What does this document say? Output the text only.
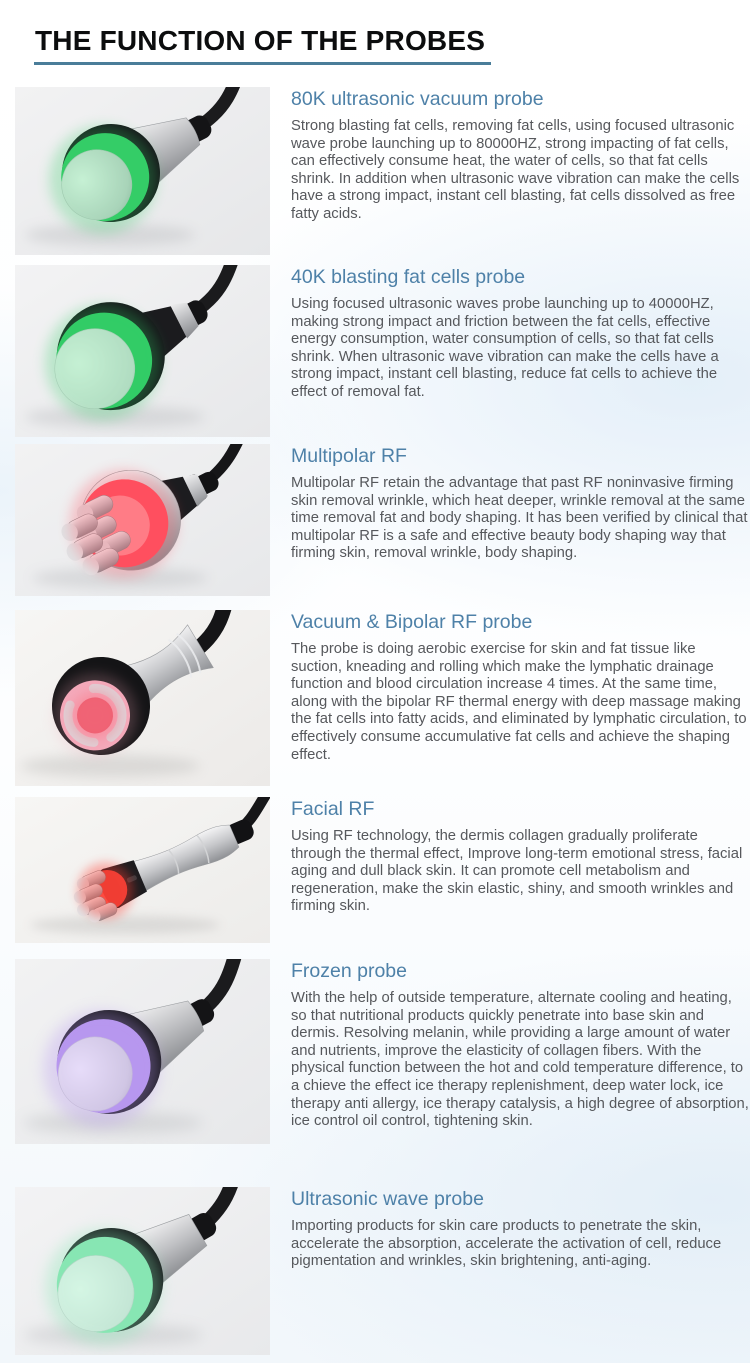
THE FUNCTION OF THE PROBES
80K ultrasonic vacuum probe

Strong blasting fat cells, removing fat cells, using focused ultrasonic wave probe launching up to 80000HZ, strong impacting of fat cells, can effectively consume heat, the water of cells, so that fat cells shrink. In addition when ultrasonic wave vibration can make the cells have a strong impact, instant cell blasting, fat cells dissolved as free fatty acids.

40K blasting fat cells probe

Using focused ultrasonic waves probe launching up to 40000HZ, making strong impact and friction between the fat cells, effective energy consumption, water consumption of cells, so that fat cells shrink. When ultrasonic wave vibration can make the cells have a strong impact, instant cell blasting, reduce fat cells to achieve the effect of removal fat.

Multipolar RF

Multipolar RF retain the advantage that past RF noninvasive firming skin removal wrinkle, which heat deeper, wrinkle removal at the same time removal fat and body shaping. It has been verified by clinical that multipolar RF is a safe and effective beauty body shaping way that firming skin, removal wrinkle, body shaping.

Vacuum & Bipolar RF probe

The probe is doing aerobic exercise for skin and fat tissue like suction, kneading and rolling which make the lymphatic drainage function and blood circulation increase 4 times. At the same time, along with the bipolar RF thermal energy with deep massage making the fat cells into fatty acids, and eliminated by lymphatic circulation, to effectively consume accumulative fat cells and achieve the shaping effect.

Facial RF

Using RF technology, the dermis collagen gradually proliferate through the thermal effect, Improve long-term emotional stress, facial aging and dull black skin. It can promote cell metabolism and regeneration, make the skin elastic, shiny, and smooth wrinkles and firming skin.

Frozen probe

With the help of outside temperature, alternate cooling and heating, so that nutritional products quickly penetrate into base skin and dermis. Resolving melanin, while providing a large amount of water and nutrients, improve the elasticity of collagen fibers. With the physical function between the hot and cold temperature difference, to a chieve the effect ice therapy replenishment, deep water lock, ice therapy anti allergy, ice therapy catalysis, a high degree of absorption, ice control oil control, tightening skin.

Ultrasonic wave probe

Importing products for skin care products to penetrate the skin, accelerate the absorption, accelerate the activation of cell, reduce pigmentation and wrinkles, skin brightening, anti-aging.
